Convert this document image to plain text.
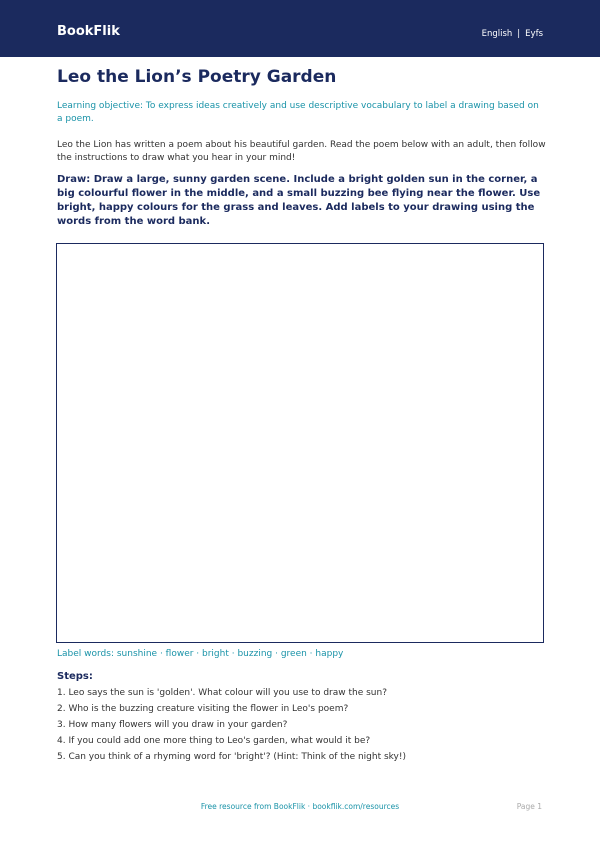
BookFlik	English | Eyfs
Leo the Lion’s Poetry Garden
Learning objective: To express ideas creatively and use descriptive vocabulary to label a drawing based on a poem.
Leo the Lion has written a poem about his beautiful garden. Read the poem below with an adult, then follow the instructions to draw what you hear in your mind!
Draw: Draw a large, sunny garden scene. Include a bright golden sun in the corner, a big colourful flower in the middle, and a small buzzing bee flying near the flower. Use bright, happy colours for the grass and leaves. Add labels to your drawing using the words from the word bank.
Label words: sunshine · flower · bright · buzzing · green · happy
Steps:
1. Leo says the sun is 'golden'. What colour will you use to draw the sun?
2. Who is the buzzing creature visiting the flower in Leo's poem?
3. How many flowers will you draw in your garden?
4. If you could add one more thing to Leo's garden, what would it be?
5. Can you think of a rhyming word for 'bright'? (Hint: Think of the night sky!)
Free resource from BookFlik · bookflik.com/resources	Page 1
